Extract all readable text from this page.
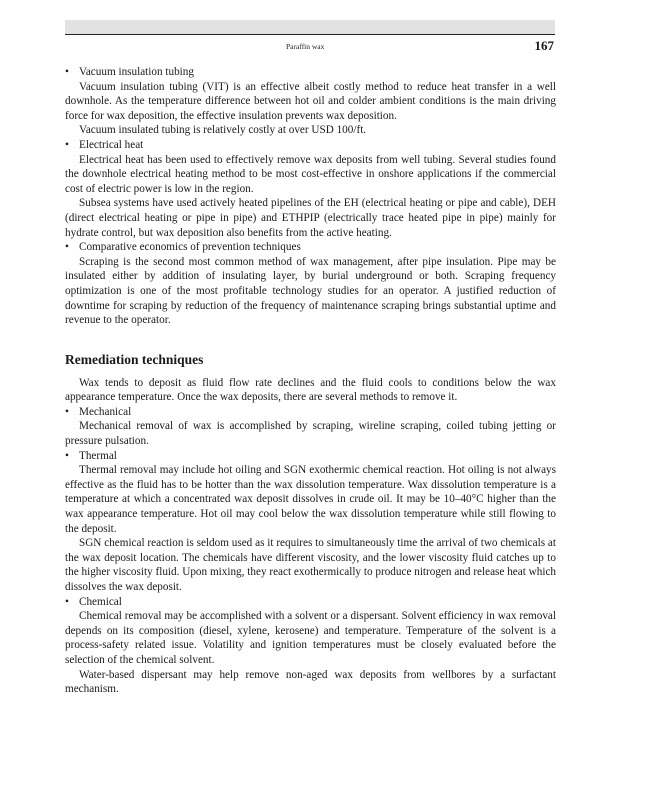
Paraffin wax	167
• Vacuum insulation tubing

Vacuum insulation tubing (VIT) is an effective albeit costly method to reduce heat transfer in a well downhole. As the temperature difference between hot oil and colder ambient conditions is the main driving force for wax deposition, the effective insulation prevents wax deposition.

Vacuum insulated tubing is relatively costly at over USD 100/ft.

• Electrical heat

Electrical heat has been used to effectively remove wax deposits from well tubing. Several studies found the downhole electrical heating method to be most cost-effective in onshore applications if the commercial cost of electric power is low in the region.

Subsea systems have used actively heated pipelines of the EH (electrical heating or pipe and cable), DEH (direct electrical heating or pipe in pipe) and ETHPIP (electrically trace heated pipe in pipe) mainly for hydrate control, but wax deposition also benefits from the active heating.

• Comparative economics of prevention techniques

Scraping is the second most common method of wax management, after pipe insulation. Pipe may be insulated either by addition of insulating layer, by burial underground or both. Scraping frequency optimization is one of the most profitable technology studies for an operator. A justified reduction of downtime for scraping by reduction of the frequency of maintenance scraping brings substantial uptime and revenue to the operator.

Remediation techniques

Wax tends to deposit as fluid flow rate declines and the fluid cools to conditions below the wax appearance temperature. Once the wax deposits, there are several methods to remove it.

• Mechanical

Mechanical removal of wax is accomplished by scraping, wireline scraping, coiled tubing jetting or pressure pulsation.

• Thermal

Thermal removal may include hot oiling and SGN exothermic chemical reaction. Hot oiling is not always effective as the fluid has to be hotter than the wax dissolution temperature. Wax dissolution temperature is a temperature at which a concentrated wax deposit dissolves in crude oil. It may be 10–40°C higher than the wax appearance temperature. Hot oil may cool below the wax dissolution temperature while still flowing to the deposit.

SGN chemical reaction is seldom used as it requires to simultaneously time the arrival of two chemicals at the wax deposit location. The chemicals have different viscosity, and the lower viscosity fluid catches up to the higher viscosity fluid. Upon mixing, they react exothermically to produce nitrogen and release heat which dissolves the wax deposit.

• Chemical

Chemical removal may be accomplished with a solvent or a dispersant. Solvent efficiency in wax removal depends on its composition (diesel, xylene, kerosene) and temperature. Temperature of the solvent is a process-safety related issue. Volatility and ignition temperatures must be closely evaluated before the selection of the chemical solvent.

Water-based dispersant may help remove non-aged wax deposits from wellbores by a surfactant mechanism.
